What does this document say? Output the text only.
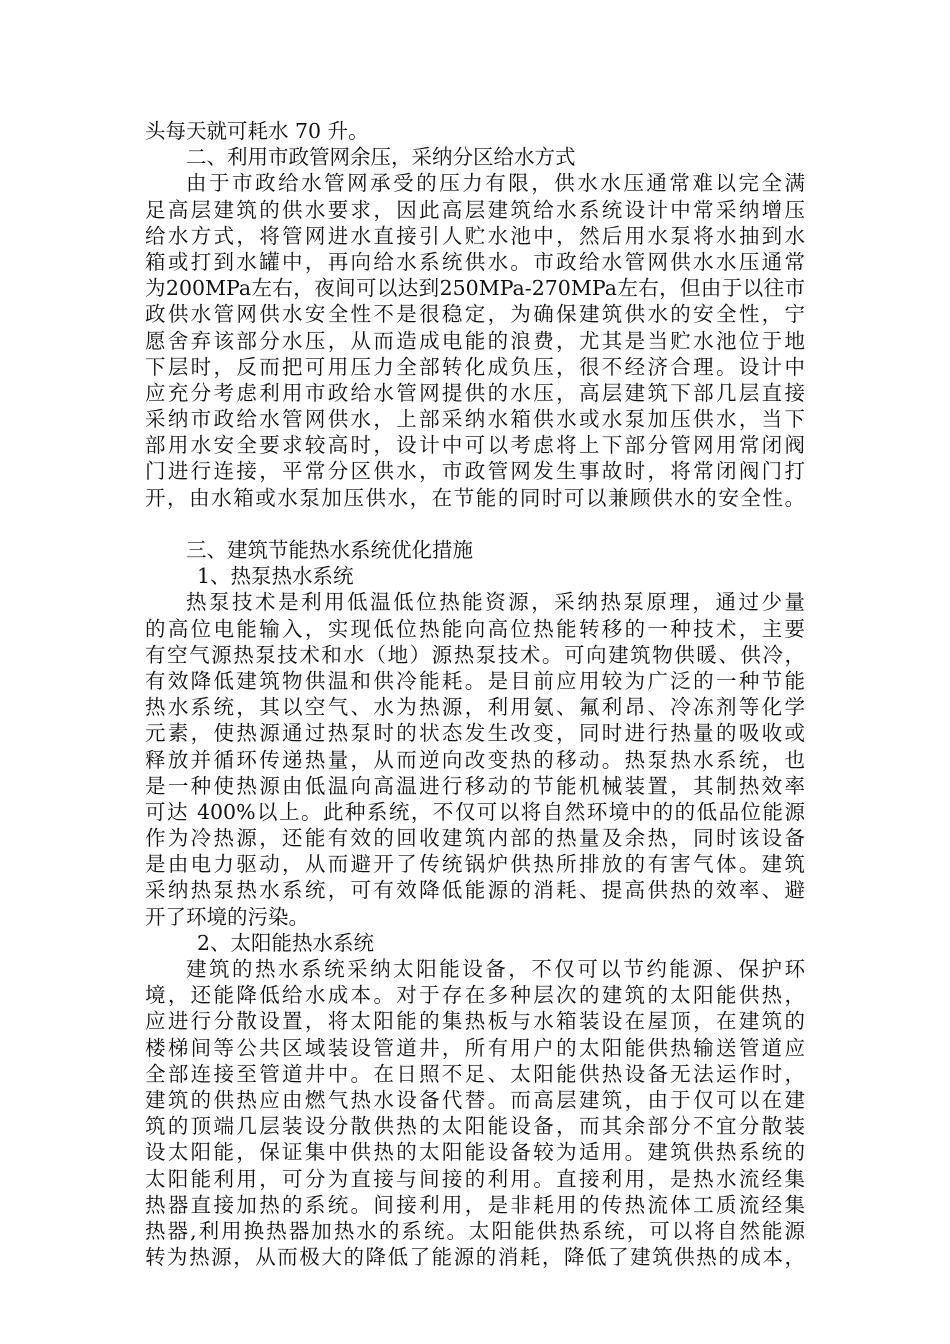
头每天就可耗水 70 升。
二、利用市政管网余压，采纳分区给水方式
由于市政给水管网承受的压力有限，供水水压通常难以完全满
足高层建筑的供水要求，因此高层建筑给水系统设计中常采纳增压
给水方式，将管网进水直接引人贮水池中，然后用水泵将水抽到水
箱或打到水罐中，再向给水系统供水。市政给水管网供水水压通常
为200MPa左右，夜间可以达到250MPa-270MPa左右，但由于以往市
政供水管网供水安全性不是很稳定，为确保建筑供水的安全性，宁
愿舍弃该部分水压，从而造成电能的浪费，尤其是当贮水池位于地
下层时，反而把可用压力全部转化成负压，很不经济合理。设计中
应充分考虑利用市政给水管网提供的水压，高层建筑下部几层直接
采纳市政给水管网供水，上部采纳水箱供水或水泵加压供水，当下
部用水安全要求较高时，设计中可以考虑将上下部分管网用常闭阀
门进行连接，平常分区供水，市政管网发生事故时，将常闭阀门打
开，由水箱或水泵加压供水，在节能的同时可以兼顾供水的安全性。
三、建筑节能热水系统优化措施
1、热泵热水系统
热泵技术是利用低温低位热能资源，采纳热泵原理，通过少量
的高位电能输入，实现低位热能向高位热能转移的一种技术，主要
有空气源热泵技术和水（地）源热泵技术。可向建筑物供暖、供冷，
有效降低建筑物供温和供冷能耗。是目前应用较为广泛的一种节能
热水系统，其以空气、水为热源，利用氨、氟利昂、冷冻剂等化学
元素，使热源通过热泵时的状态发生改变，同时进行热量的吸收或
释放并循环传递热量，从而逆向改变热的移动。热泵热水系统，也
是一种使热源由低温向高温进行移动的节能机械装置，其制热效率
可达 400%以上。此种系统，不仅可以将自然环境中的的低品位能源
作为冷热源，还能有效的回收建筑内部的热量及余热，同时该设备
是由电力驱动，从而避开了传统锅炉供热所排放的有害气体。建筑
采纳热泵热水系统，可有效降低能源的消耗、提高供热的效率、避
开了环境的污染。
2、太阳能热水系统
建筑的热水系统采纳太阳能设备，不仅可以节约能源、保护环
境，还能降低给水成本。对于存在多种层次的建筑的太阳能供热，
应进行分散设置，将太阳能的集热板与水箱装设在屋顶，在建筑的
楼梯间等公共区域装设管道井，所有用户的太阳能供热输送管道应
全部连接至管道井中。在日照不足、太阳能供热设备无法运作时，
建筑的供热应由燃气热水设备代替。而高层建筑，由于仅可以在建
筑的顶端几层装设分散供热的太阳能设备，而其余部分不宜分散装
设太阳能，保证集中供热的太阳能设备较为适用。建筑供热系统的
太阳能利用，可分为直接与间接的利用。直接利用，是热水流经集
热器直接加热的系统。间接利用，是非耗用的传热流体工质流经集
热器,利用换热器加热水的系统。太阳能供热系统，可以将自然能源
转为热源，从而极大的降低了能源的消耗，降低了建筑供热的成本，
